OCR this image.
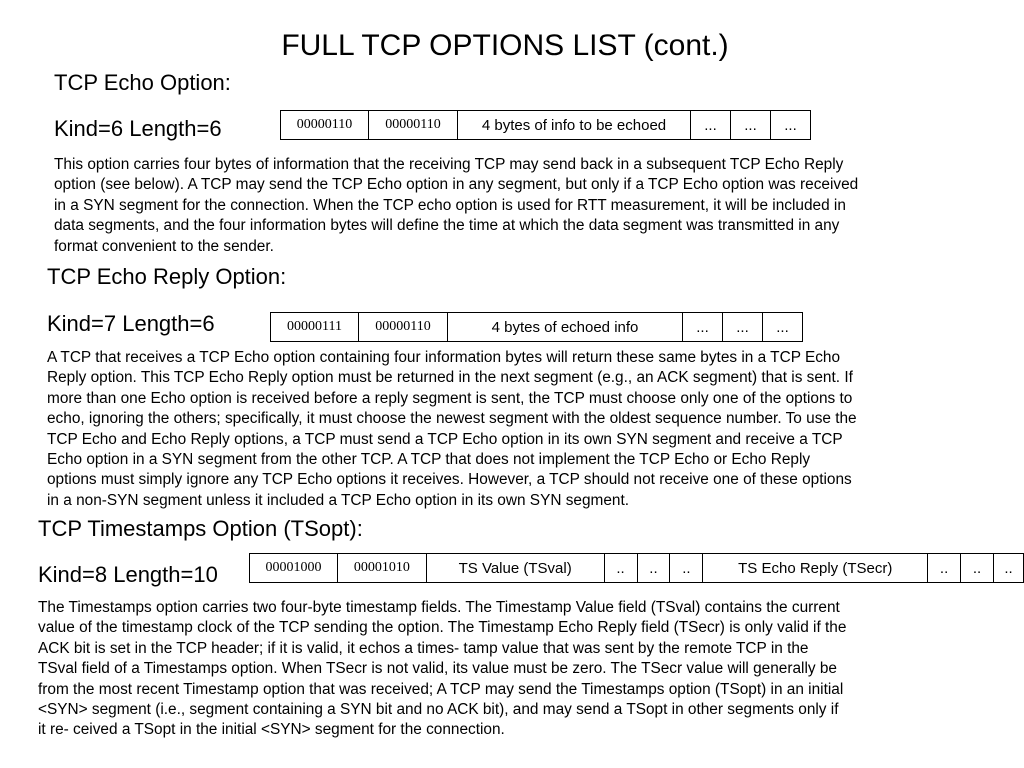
FULL TCP OPTIONS LIST (cont.)
TCP Echo Option:
Kind=6 Length=6	00000110	00000110	4 bytes of info to be echoed	...	...	...
This option carries four bytes of information that the receiving TCP may send back in a subsequent TCP Echo Reply
option (see below). A TCP may send the TCP Echo option in any segment, but only if a TCP Echo option was received
in a SYN segment for the connection. When the TCP echo option is used for RTT measurement, it will be included in
data segments, and the four information bytes will define the time at which the data segment was transmitted in any
format convenient to the sender.
TCP Echo Reply Option:
Kind=7 Length=6	00000111	00000110	4 bytes of echoed info	...	...	...
A TCP that receives a TCP Echo option containing four information bytes will return these same bytes in a TCP Echo
Reply option. This TCP Echo Reply option must be returned in the next segment (e.g., an ACK segment) that is sent. If
more than one Echo option is received before a reply segment is sent, the TCP must choose only one of the options to
echo, ignoring the others; specifically, it must choose the newest segment with the oldest sequence number. To use the
TCP Echo and Echo Reply options, a TCP must send a TCP Echo option in its own SYN segment and receive a TCP
Echo option in a SYN segment from the other TCP. A TCP that does not implement the TCP Echo or Echo Reply
options must simply ignore any TCP Echo options it receives. However, a TCP should not receive one of these options
in a non-SYN segment unless it included a TCP Echo option in its own SYN segment.
TCP Timestamps Option (TSopt):
Kind=8 Length=10	00001000	00001010	TS Value (TSval)	..	..	..	TS Echo Reply (TSecr)	..	..	..
The Timestamps option carries two four-byte timestamp fields. The Timestamp Value field (TSval) contains the current
value of the timestamp clock of the TCP sending the option. The Timestamp Echo Reply field (TSecr) is only valid if the
ACK bit is set in the TCP header; if it is valid, it echos a times- tamp value that was sent by the remote TCP in the
TSval field of a Timestamps option. When TSecr is not valid, its value must be zero. The TSecr value will generally be
from the most recent Timestamp option that was received; A TCP may send the Timestamps option (TSopt) in an initial
<SYN> segment (i.e., segment containing a SYN bit and no ACK bit), and may send a TSopt in other segments only if
it re- ceived a TSopt in the initial <SYN> segment for the connection.
